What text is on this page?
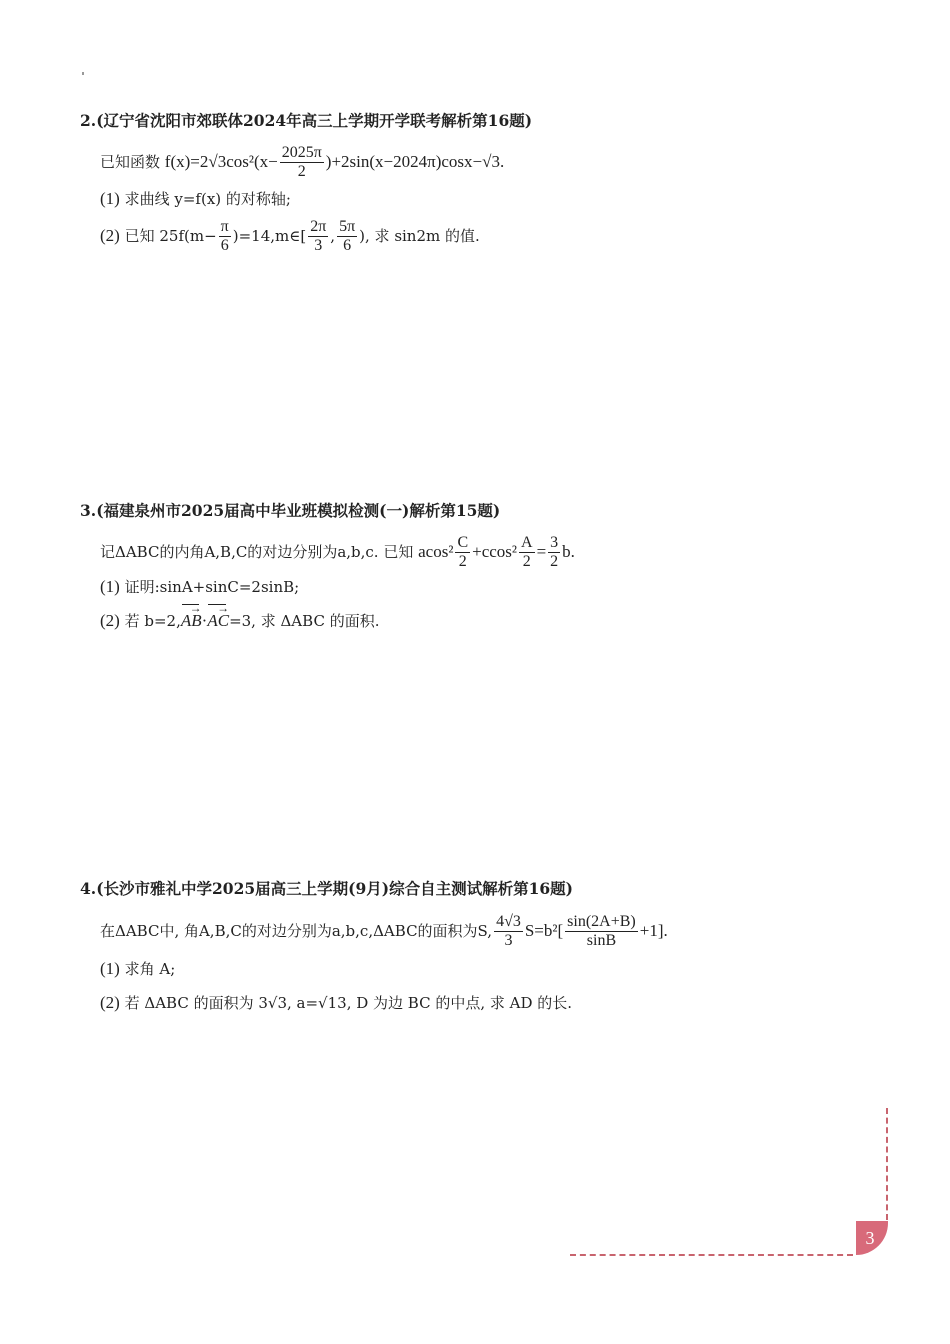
2.(辽宁省沈阳市郊联体2024年高三上学期开学联考解析第16题)
已知函数
$f(x)=2√3\cos^2(x- \frac{2025\pi}{2} )+2\sin(x-2024\pi)\cos x-√3$.
(1)
求曲线 y=f(x) 的对称轴;
(2)
已知 $25f(m- \frac{\pi}{6}$ )=14,m∈[ $\frac{2\pi}{3}$ , $\frac{5\pi}{6}$ ), 求 sin2m 的值.
3.(福建泉州市2025届高中毕业班模拟检测(一)解析第15题)
记ΔABC的内角A,B,C的对边分别为a,b,c. 已知
$acos^2 \frac{C}{2} +ccos^2 \frac{A}{2} = \frac{3}{2} b$.
(1)
证明:sinA+sinC=2sinB;
(2)
若 b=2, → AB · → AC =3, 求 ΔABC 的面积.
4.(长沙市雅礼中学2025届高三上学期(9月)综合自主测试解析第16题)
在ΔABC中, 角A,B,C的对边分别为a,b,c,ΔABC的面积为S, $\frac{4√3}{3} S=b^2[ \frac{\sin(2A+B)}{\sin B} +1]$.
(1)
求角 A;
(2)
若 ΔABC 的面积为 3√3, a=√13, D 为边 BC 的中点, 求 AD 的长.
3
